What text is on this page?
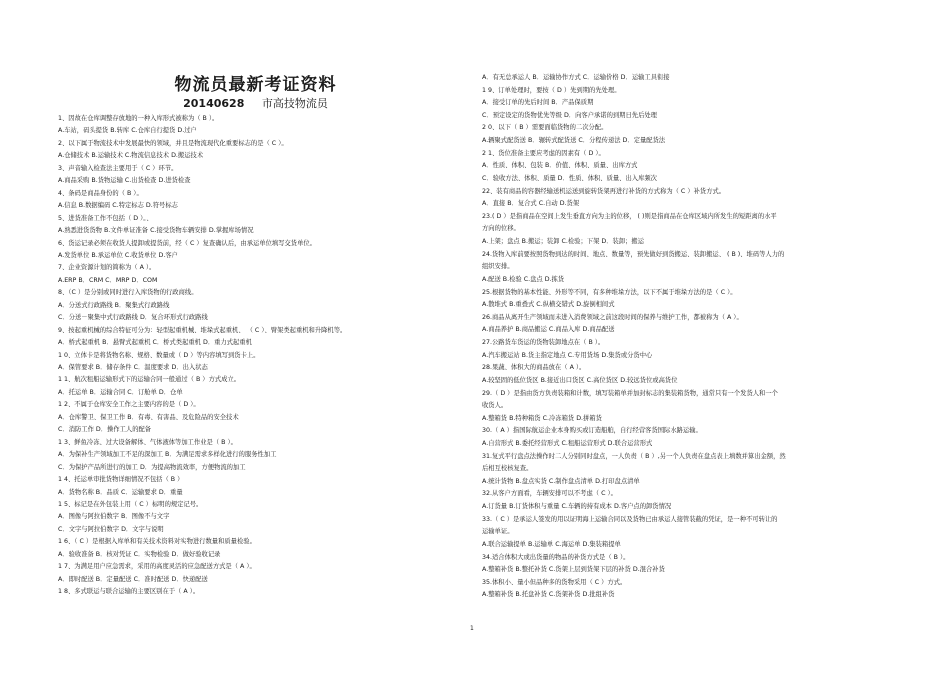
物流员最新考证资料
20140628 市高技物流员
1、因故在仓库调整存放地的一种入库形式被称为（ B ）。
A.车站，码头提货 B.转库 C.仓库自行提货 D.过户
2、以下属于物流技术中发展最快的领域，并且是物流现代化重要标志的是（ C ）。
A.仓储技术 B.运输技术 C.物流信息技术 D.搬运技术
3、声音输入检查法主要用于（ C ）环节。
A.商品采购 B.货物运输 C.出货检查 D.进货检查
4、条码是商品身份的（ B ）。
A.信息 B.数据编码 C.特定标志 D.符号标志
5、进货准备工作不包括（ D ）。、
A.熟悉进货货物 B.文件单证准备 C.接受货物车辆安排 D.掌握库场情况
6、货运记录必须在收货人提卸或提货前，经（ C ）复查确认后，由承运单位填写交货单位。
A.发货单位 B.承运单位 C.收货单位 D.客户
7、企业资源计划的简称为（ A ）。
A.ERP B．CRM C．MRP D．COM
8、（C ）是分别或同时进行入库货物的行政商线。
A．分送式行政路线 B．聚集式行政路线
C．分送－聚集中式行政路线 D．复合环形式行政路线
9、按起重机械的综合特征可分为：轻型起重机械、堆垛式起重机、 （ C ）、臂架类起重机和升降机等。
A．桥式起重机 B．悬臂式起重机 C．桥式类起重机 D．重力式起重机
1 0、立体卡是将货物名称、规格、数量或（ D ）等内容填写到货卡上。
A．保管要求 B．储存条件 C．温度要求 D．出入状态
1 1、航次租船运输形式下的运输合同一般通过（ B ）方式成立。
A．托运单 B．运输合同 C．订舱单 D．仓单
1 2、不属于仓库安全工作之主要内容的是（ D ）。
A．仓库警卫、保卫工作 B．有毒、有害品、及危险品的安全技术
C．消防工作 D．操作工人的配备
1 3、鲜鱼冷冻、过大设备解体、气体液体等加工作业是（ B ）。
A．为保补生产领域加工不足的深加工 B．为满足需求多样化进行的服务性加工
C．为保护产品所进行的加工 D．为提高物流效率，方便物流的加工
1 4、托运单审批货物详细情况不包括（ B ）
A．货物名称 B．品质 C．运输要求 D．重量
1 5、标记是在外包装上用（ C ）标明的规定记号。
A．图像与阿拉伯数字 B．图像不与文字
C．文字与阿拉伯数字 D．文字与说明
1 6、（ C ）是根据入库单和有关技术资料对实物进行数量和质量检验。
A．验收准备 B．核对凭证 C．实物检验 D．做好验收记录
1 7、为满足用户应急需求，采用的高度灵活的应急配送方式是（ A ）。
A．即时配送 B．定量配送 C．准时配送 D．快递配送
1 8、多式联运与联合运输的主要区别在于（ A ）。
A．有无总承运人 B．运输协作方式 C．运输价格 D．运输工具衔接
1 9、订单处理时，要按（ D ）先到期的先处理。
A．接受订单的先后时间 B．产品保质期
C．预定设定的货物优先等级 D．向客户承诺的到期日先后处理
2 0、以下（ B ）需要面临货物的二次分配。
A.辆聚式配货送 B．辗转式配货送 C．分程传递法 D．定量配货法
2 1、货位准备主要应考虑的因素有（ D ）。
A．性质、体积、包装 B．价值、体积、质量、出库方式
C．验收方法、体积、质量 D．性质、体积、质量、出入库频次
22、装有商品的容器经输送机运送到旋转货架再进行补货的方式称为（ C ）补货方式。
A．直接 B．复合式 C.自动 D.货架
23.( D ）是指商品在空间上发生垂直方向为主的位移， ( )则是指商品在仓库区域内所发生的短距离的水平
方向的位移。
A.上架；盘点 B.搬运；装卸 C.检验；下架 D．装卸；搬运
24.货物入库前要按照货物到达的时间、地点、数量等，预先做好到货搬运、装卸搬运、 ( B )、堆码等人力的
组织安排。
A.配送 B.检验 C.盘点 D.拣货
25.根据货物的基本性能、外形等不同，有多种堆垛方法，以下不属于堆垛方法的是（ C ）。
A.散堆式 B.重叠式 C.纵横交错式 D.旋倒相间式
26.商品从离开生产领域而未进入消费领域之前这段时间的保养与维护工作，都被称为（ A ）。
A.商品养护 B.商品搬运 C.商品入库 D.商品配送
27.公路货车货运的货物装卸地点在（ B ）。
A.汽车搬运站 B.货主指定地点 C.专用货场 D.集货或分货中心
28.果蔬、体积大的商品放在（ A ）。
A.较坚固的低位货区 B.接近出口货区 C.高位货区 D.较远货位或高货位
29.（ D ）是指由货方负责装箱和计数，填写装箱单并加封标志的集装箱货物，通常只有一个发货人和一个
收货人。
A.整箱货 B.特种箱货 C.冷冻箱货 D.拼箱货
30.（ A ）指国际航运企业本身购买或订造船舶，自行经营客货国际水路运输。
A.自营形式 B.委托经营形式 C.租船运营形式 D.联合运营形式
31.复式平行盘点法操作时二人分别同时盘点，一人负责（ B ）,另一个人负责在盘点表上填数并算出金额，然
后相互校核复查。
A.统计货物 B.盘点实货 C.制作盘点清单 D.打印盘点清单
32.从客户方面看，车辆安排可以不考虑（ C ）。
A.订货量 B.订货体积与重量 C.车辆的持有成本 D.客户点的卸货情况
33.（ C ）是承运人签发的用以证明海上运输合同以及货物已由承运人接管装截的凭证，是一种不可转让的
运输单证。
A.联合运输提单 B.运输单 C.海运单 D.集装箱提单
34.适合体积大或出货量的物品的补货方式是（ B ）。
A.整箱补货 B.整托补货 C.货架上层到货架下层的补货 D.混合补货
35.体积小、量小但品种多的货物采用（ C ）方式。
A.整箱补货 B.托盘补货 C.货架补货 D.批组补货
1
